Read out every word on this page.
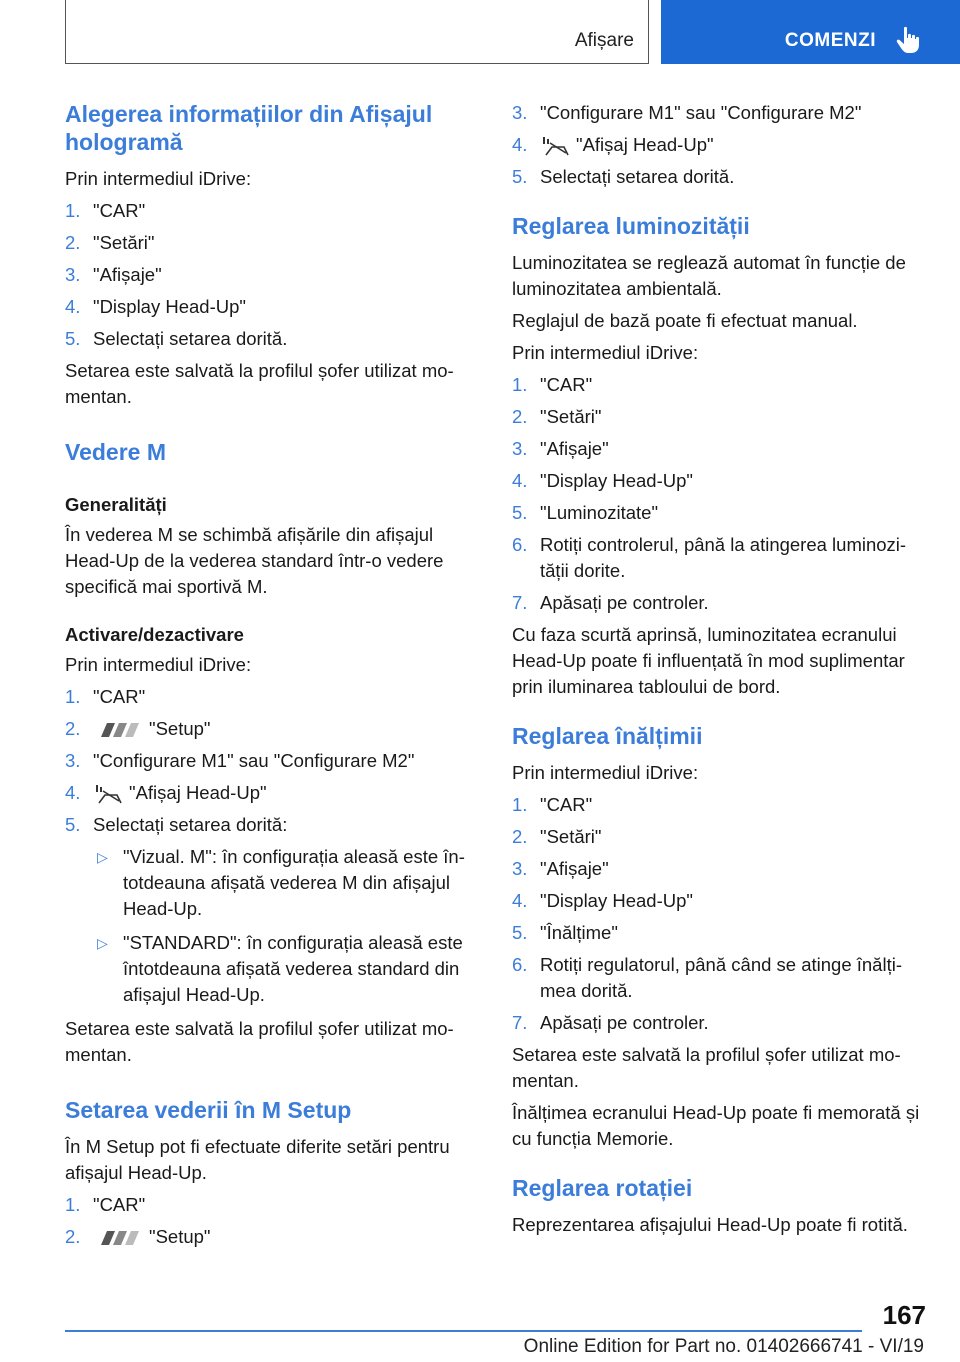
Afișare	COMENZI
Alegerea informațiilor din Afișajul hologramă

Prin intermediul iDrive:

1. "CAR"
2. "Setări"
3. "Afișaje"
4. "Display Head-Up"
5. Selectați setarea dorită.

Setarea este salvată la profilul șofer utilizat mo-mentan.

Vedere M
Generalități

În vederea M se schimbă afișările din afișajul Head-Up de la vederea standard într-o vedere specifică mai sportivă M.

Activare/dezactivare

Prin intermediul iDrive:

1. "CAR"
2.	"Setup"
3. "Configurare M1" sau "Configurare M2"
4.	"Afișaj Head-Up"
5. Selectați setarea dorită:
▷ "Vizual. M": în configurația aleasă este în-totdeauna afișată vederea M din afișajul Head-Up.
▷ "STANDARD": în configurația aleasă este întotdeauna afișată vederea standard din afișajul Head-Up.

Setarea este salvată la profilul șofer utilizat mo-mentan.

Setarea vederii în M Setup

În M Setup pot fi efectuate diferite setări pentru afișajul Head-Up.

1. "CAR"
2.	"Setup"
3. "Configurare M1" sau "Configurare M2"
4.	"Afișaj Head-Up"
5. Selectați setarea dorită.
Reglarea luminozității

Luminozitatea se reglează automat în funcție de luminozitatea ambientală.

Reglajul de bază poate fi efectuat manual.

Prin intermediul iDrive:

1. "CAR"
2. "Setări"
3. "Afișaje"
4. "Display Head-Up"
5. "Luminozitate"
6. Rotiți controlerul, până la atingerea luminozi-tății dorite.
7. Apăsați pe controler.

Cu faza scurtă aprinsă, luminozitatea ecranului Head-Up poate fi influențată în mod suplimentar prin iluminarea tabloului de bord.

Reglarea înălțimii

Prin intermediul iDrive:

1. "CAR"
2. "Setări"
3. "Afișaje"
4. "Display Head-Up"
5. "Înălțime"
6. Rotiți regulatorul, până când se atinge înălți-mea dorită.
7. Apăsați pe controler.

Setarea este salvată la profilul șofer utilizat mo-mentan.

Înălțimea ecranului Head-Up poate fi memorată și cu funcția Memorie.

Reglarea rotației

Reprezentarea afișajului Head-Up poate fi rotită.

167
Online Edition for Part no. 01402666741 - VI/19
